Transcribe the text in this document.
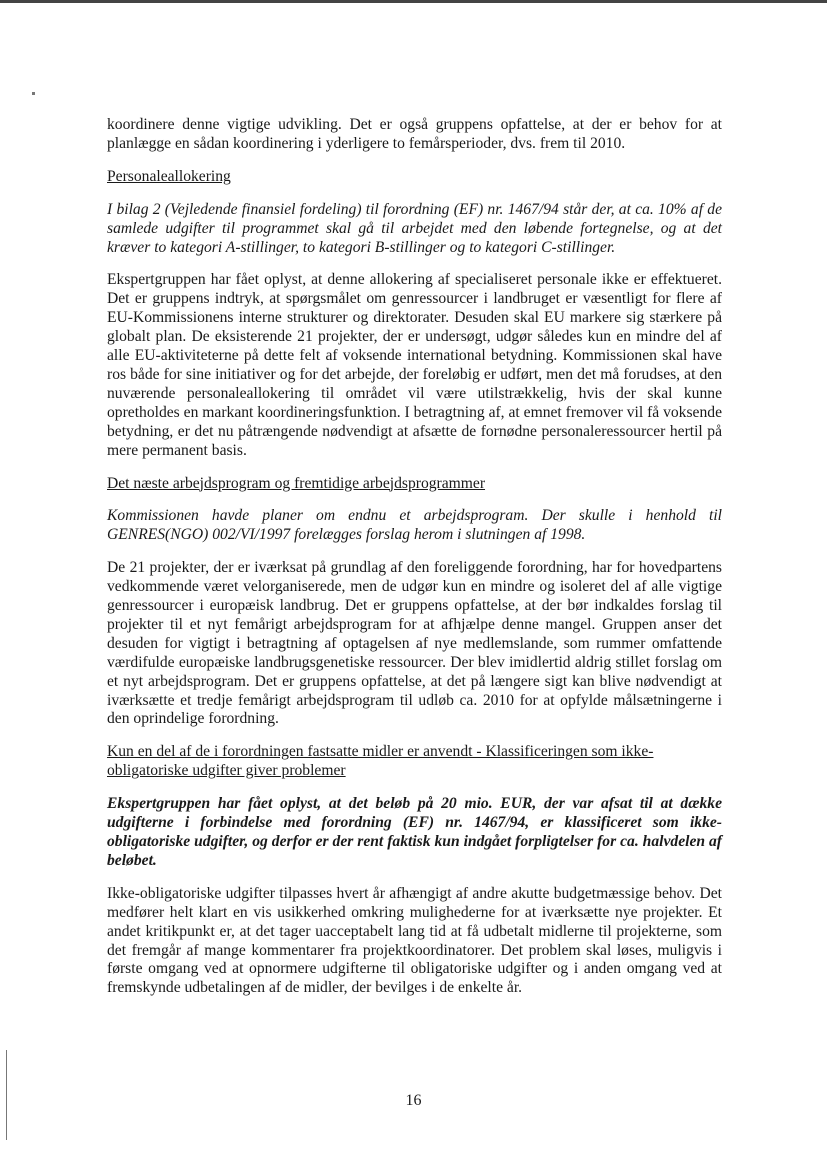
koordinere denne vigtige udvikling. Det er også gruppens opfattelse, at der er behov for at planlægge en sådan koordinering i yderligere to femårsperioder, dvs. frem til 2010.

Personaleallokering

I bilag 2 (Vejledende finansiel fordeling) til forordning (EF) nr. 1467/94 står der, at ca. 10% af de samlede udgifter til programmet skal gå til arbejdet med den løbende fortegnelse, og at det kræver to kategori A-stillinger, to kategori B-stillinger og to kategori C-stillinger.

Ekspertgruppen har fået oplyst, at denne allokering af specialiseret personale ikke er effektueret. Det er gruppens indtryk, at spørgsmålet om genressourcer i landbruget er væsentligt for flere af EU-Kommissionens interne strukturer og direktorater. Desuden skal EU markere sig stærkere på globalt plan. De eksisterende 21 projekter, der er undersøgt, udgør således kun en mindre del af alle EU-aktiviteterne på dette felt af voksende international betydning. Kommissionen skal have ros både for sine initiativer og for det arbejde, der foreløbig er udført, men det må forudses, at den nuværende personaleallokering til området vil være utilstrækkelig, hvis der skal kunne opretholdes en markant koordineringsfunktion. I betragtning af, at emnet fremover vil få voksende betydning, er det nu påtrængende nødvendigt at afsætte de fornødne personaleressourcer hertil på mere permanent basis.

Det næste arbejdsprogram og fremtidige arbejdsprogrammer

Kommissionen havde planer om endnu et arbejdsprogram. Der skulle i henhold til GENRES(NGO) 002/VI/1997 forelægges forslag herom i slutningen af 1998.

De 21 projekter, der er iværksat på grundlag af den foreliggende forordning, har for hovedpartens vedkommende været velorganiserede, men de udgør kun en mindre og isoleret del af alle vigtige genressourcer i europæisk landbrug. Det er gruppens opfattelse, at der bør indkaldes forslag til projekter til et nyt femårigt arbejdsprogram for at afhjælpe denne mangel. Gruppen anser det desuden for vigtigt i betragtning af optagelsen af nye medlemslande, som rummer omfattende værdifulde europæiske landbrugsgenetiske ressourcer. Der blev imidlertid aldrig stillet forslag om et nyt arbejdsprogram. Det er gruppens opfattelse, at det på længere sigt kan blive nødvendigt at iværksætte et tredje femårigt arbejdsprogram til udløb ca. 2010 for at opfylde målsætningerne i den oprindelige forordning.

Kun en del af de i forordningen fastsatte midler er anvendt - Klassificeringen som ikke-obligatoriske udgifter giver problemer

Ekspertgruppen har fået oplyst, at det beløb på 20 mio. EUR, der var afsat til at dække udgifterne i forbindelse med forordning (EF) nr. 1467/94, er klassificeret som ikke-obligatoriske udgifter, og derfor er der rent faktisk kun indgået forpligtelser for ca. halvdelen af beløbet.

Ikke-obligatoriske udgifter tilpasses hvert år afhængigt af andre akutte budgetmæssige behov. Det medfører helt klart en vis usikkerhed omkring mulighederne for at iværksætte nye projekter. Et andet kritikpunkt er, at det tager uacceptabelt lang tid at få udbetalt midlerne til projekterne, som det fremgår af mange kommentarer fra projektkoordinatorer. Det problem skal løses, muligvis i første omgang ved at opnormere udgifterne til obligatoriske udgifter og i anden omgang ved at fremskynde udbetalingen af de midler, der bevilges i de enkelte år.

16
